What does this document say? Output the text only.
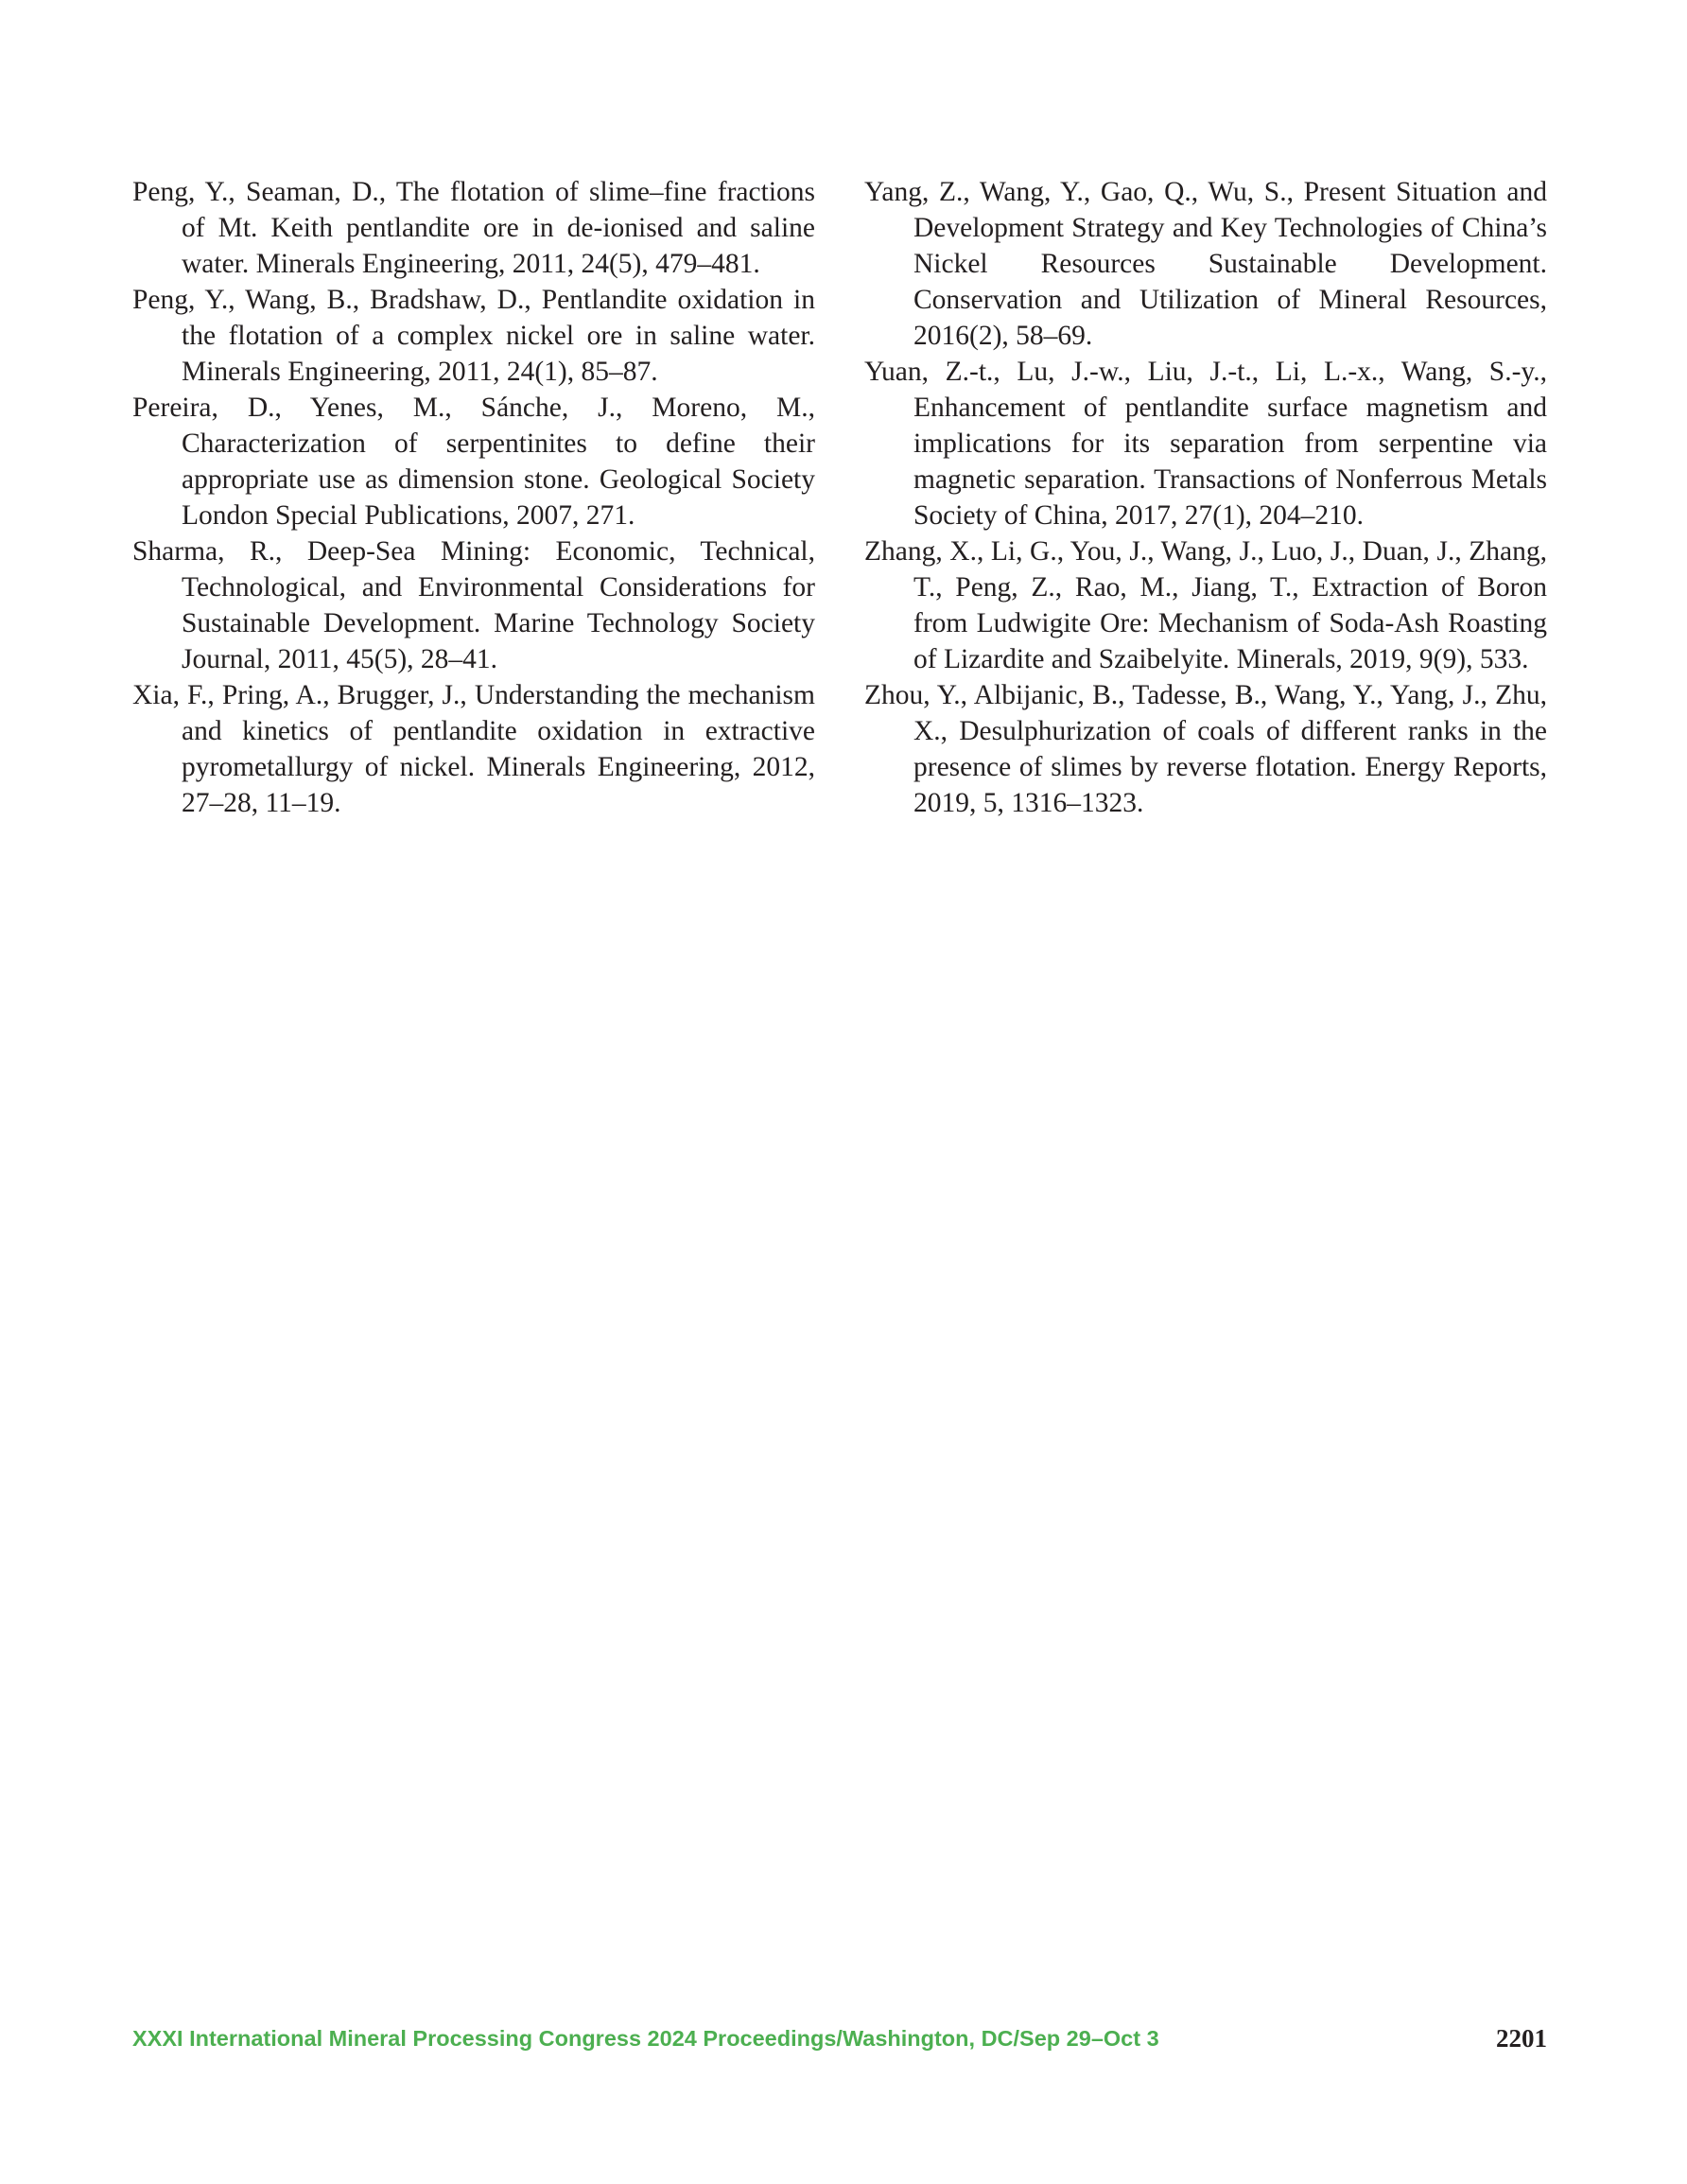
Peng, Y., Seaman, D., The flotation of slime–fine fractions of Mt. Keith pentlandite ore in de-ionised and saline water. Minerals Engineering, 2011, 24(5), 479–481.

Peng, Y., Wang, B., Bradshaw, D., Pentlandite oxidation in the flotation of a complex nickel ore in saline water. Minerals Engineering, 2011, 24(1), 85–87.

Pereira, D., Yenes, M., Sánche, J., Moreno, M., Characterization of serpentinites to define their appropriate use as dimension stone. Geological Society London Special Publications, 2007, 271.

Sharma, R., Deep-Sea Mining: Economic, Technical, Technological, and Environmental Considerations for Sustainable Development. Marine Technology Society Journal, 2011, 45(5), 28–41.

Xia, F., Pring, A., Brugger, J., Understanding the mechanism and kinetics of pentlandite oxidation in extractive pyrometallurgy of nickel. Minerals Engineering, 2012, 27–28, 11–19.

Yang, Z., Wang, Y., Gao, Q., Wu, S., Present Situation and Development Strategy and Key Technologies of China’s Nickel Resources Sustainable Development. Conservation and Utilization of Mineral Resources, 2016(2), 58–69.

Yuan, Z.-t., Lu, J.-w., Liu, J.-t., Li, L.-x., Wang, S.-y., Enhancement of pentlandite surface magnetism and implications for its separation from serpentine via magnetic separation. Transactions of Nonferrous Metals Society of China, 2017, 27(1), 204–210.

Zhang, X., Li, G., You, J., Wang, J., Luo, J., Duan, J., Zhang, T., Peng, Z., Rao, M., Jiang, T., Extraction of Boron from Ludwigite Ore: Mechanism of Soda-Ash Roasting of Lizardite and Szaibelyite. Minerals, 2019, 9(9), 533.

Zhou, Y., Albijanic, B., Tadesse, B., Wang, Y., Yang, J., Zhu, X., Desulphurization of coals of different ranks in the presence of slimes by reverse flotation. Energy Reports, 2019, 5, 1316–1323.

XXXI International Mineral Processing Congress 2024 Proceedings/Washington, DC/Sep 29–Oct 3	2201
